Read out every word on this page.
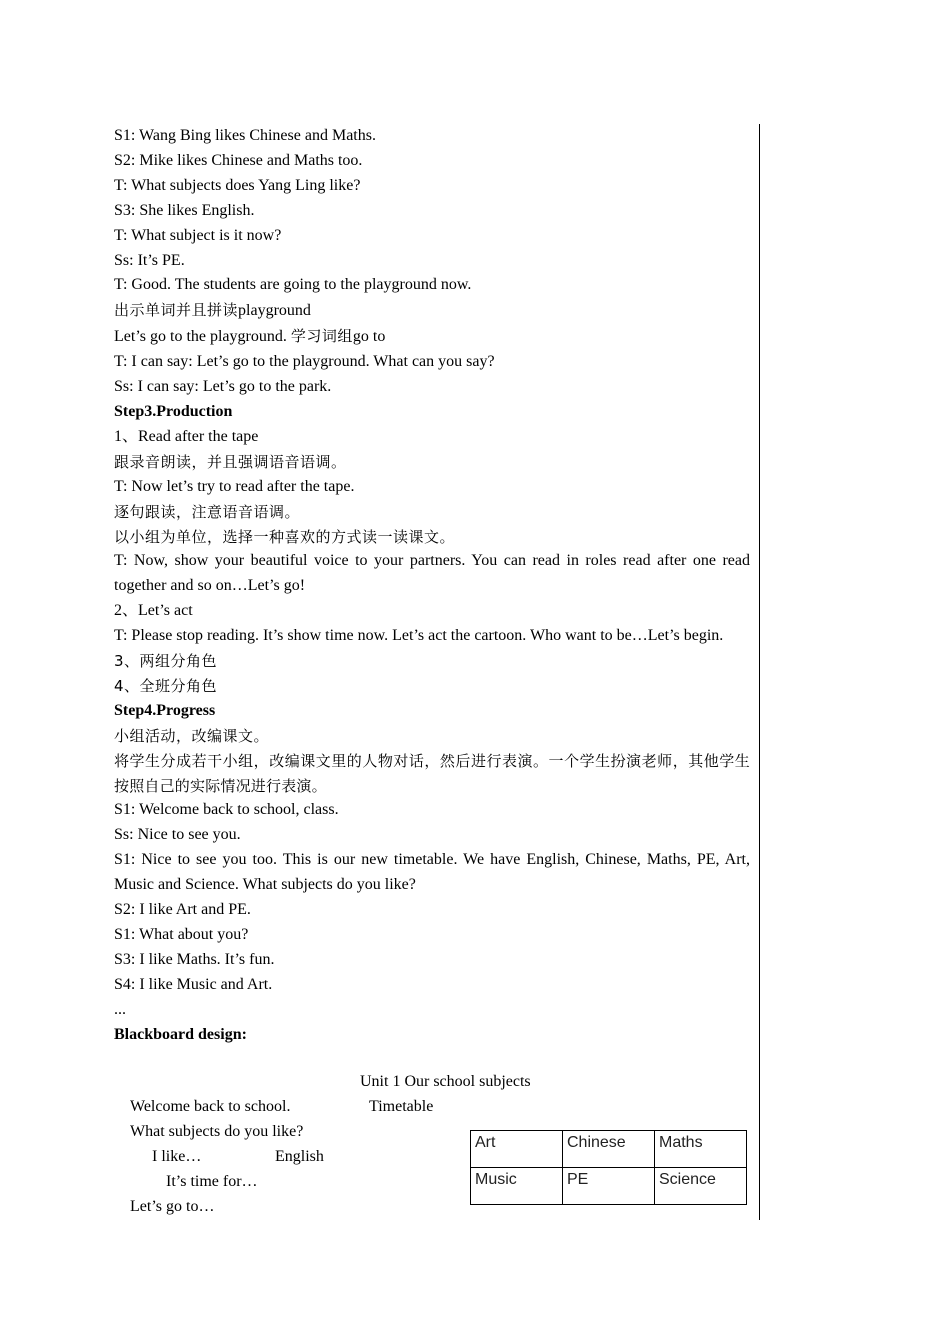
S1: Wang Bing likes Chinese and Maths.
S2: Mike likes Chinese and Maths too.
T: What subjects does Yang Ling like?
S3: She likes English.
T: What subject is it now?
Ss: It’s PE.
T: Good. The students are going to the playground now.
出示单词并且拼读playground
Let’s go to the playground. 学习词组go to
T: I can say: Let’s go to the playground. What can you say?
Ss: I can say: Let’s go to the park.
Step3.Production
1、Read after the tape
跟录音朗读，并且强调语音语调。
T: Now let’s try to read after the tape.
逐句跟读，注意语音语调。
以小组为单位，选择一种喜欢的方式读一读课文。
T: Now, show your beautiful voice to your partners. You can read in roles read after one read together and so on…Let’s go!
2、Let’s act
T: Please stop reading. It’s show time now. Let’s act the cartoon. Who want to be…Let’s begin.
3、两组分角色
4、全班分角色
Step4.Progress
小组活动，改编课文。
将学生分成若干小组，改编课文里的人物对话，然后进行表演。一个学生扮演老师，其他学生按照自己的实际情况进行表演。
S1: Welcome back to school, class.
Ss: Nice to see you.
S1: Nice to see you too. This is our new timetable. We have English, Chinese, Maths, PE, Art, Music and Science. What subjects do you like?
S2: I like Art and PE.
S1: What about you?
S3: I like Maths. It’s fun.
S4: I like Music and Art.
...
Blackboard design:
Unit 1 Our school subjects
Welcome back to school.	Timetable
What subjects do you like?
I like…	English
It’s time for…
Let’s go to…
Art	Chinese	Maths
Music	PE	Science
